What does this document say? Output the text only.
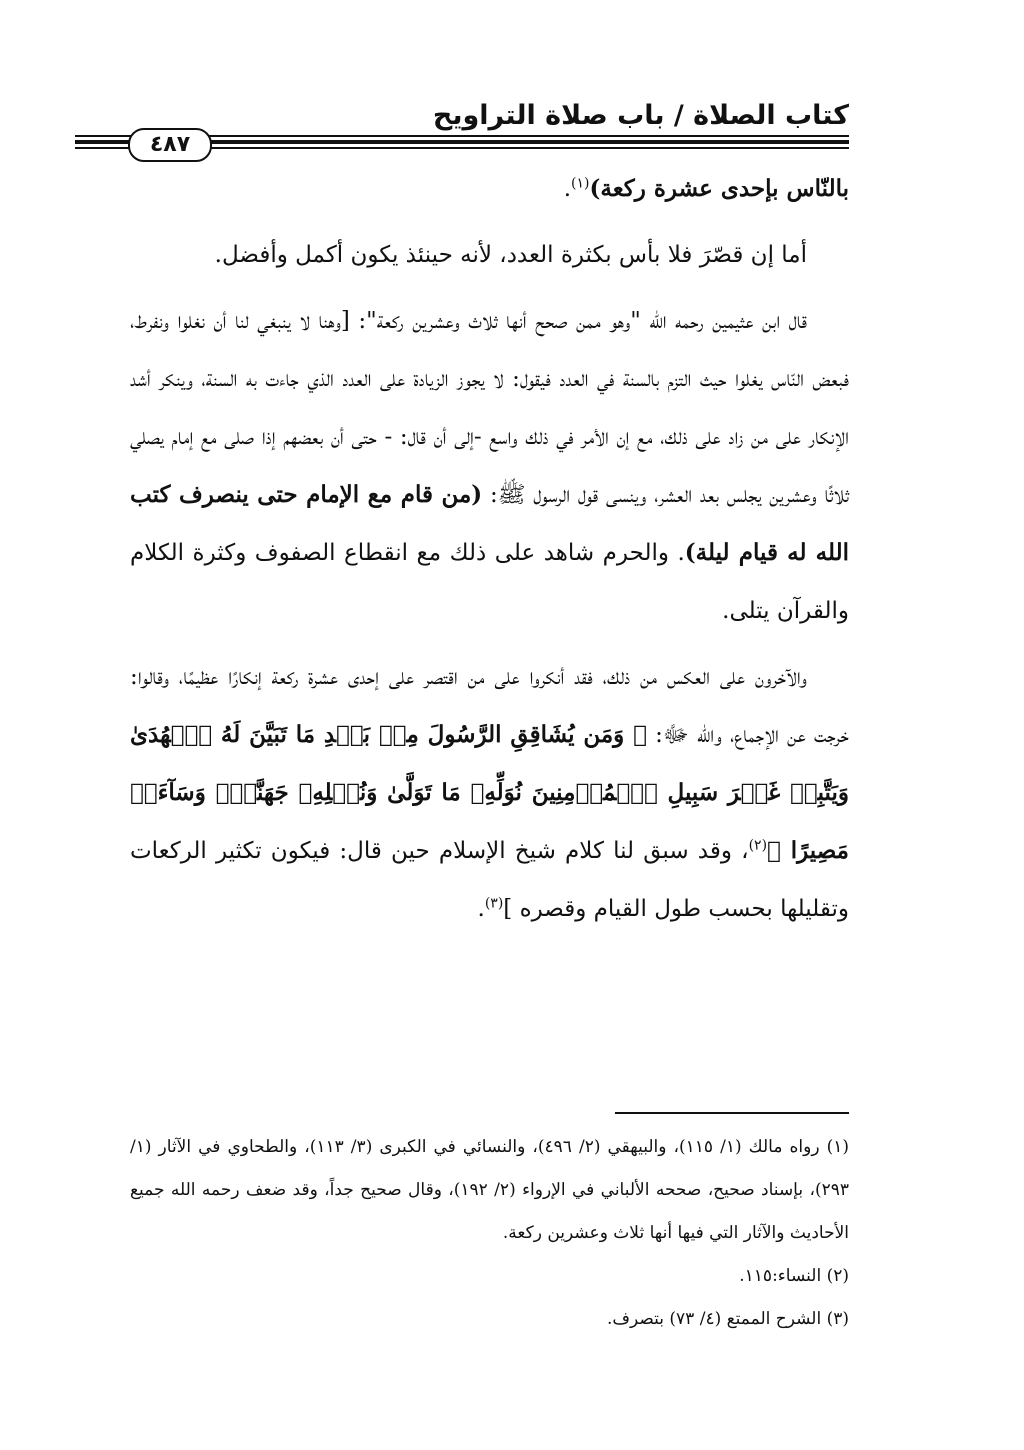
كتاب الصلاة / باب صلاة التراويح
٤٨٧

بالنّاس بإحدى عشرة ركعة)$^{(١)}$.

أما إن قصّرَ فلا بأس بكثرة العدد، لأنه حينئذ يكون أكمل وأفضل.

قال ابن عثيمين رحمه الله "وهو ممن صحح أنها ثلاث وعشرين ركعة": [وهنا لا ينبغي لنا أن نغلوا ونفرط، فبعض النّاس يغلوا حيث التزم بالسنة في العدد فيقول: لا يجوز الزيادة على العدد الذي جاءت به السنة، وينكر أشد الإنكار على من زاد على ذلك، مع إن الأمر في ذلك واسع -إلى أن قال: - حتى أن بعضهم إذا صلى مع إمام يصلي ثلاثًا وعشرين يجلس بعد العشر، وينسى قول الرسول ﷺ: (من قام مع الإمام حتى ينصرف كتب الله له قيام ليلة). والحرم شاهد على ذلك مع انقطاع الصفوف وكثرة الكلام والقرآن يتلى.

والآخرون على العكس من ذلك، فقد أنكروا على من اقتصر على إحدى عشرة ركعة إنكارًا عظيمًا، وقالوا: خرجت عن الإجماع، والله ﷻ: ﴿ وَمَن يُشَاقِقِ الرَّسُولَ مِنۢ بَعۡدِ مَا تَبَيَّنَ لَهُ ٱلۡهُدَىٰ وَيَتَّبِعۡ غَيۡرَ سَبِيلِ ٱلۡمُؤۡمِنِينَ نُوَلِّهِۦ مَا تَوَلَّىٰ وَنُصۡلِهِۦ جَهَنَّمَۖ وَسَآءَتۡ مَصِيرًا ﴾$^{(٢)}$، وقد سبق لنا كلام شيخ الإسلام حين قال: فيكون تكثير الركعات وتقليلها بحسب طول القيام وقصره ]$^{(٣)}$.

(١) رواه مالك (١/ ١١٥)، والبيهقي (٢/ ٤٩٦)، والنسائي في الكبرى (٣/ ١١٣)، والطحاوي في الآثار (١/ ٢٩٣)، بإسناد صحيح، صححه الألباني في الإرواء (٢/ ١٩٢)، وقال صحيح جداً، وقد ضعف رحمه الله جميع الأحاديث والآثار التي فيها أنها ثلاث وعشرين ركعة.

(٢) النساء:١١٥.

(٣) الشرح الممتع (٤/ ٧٣) بتصرف.
